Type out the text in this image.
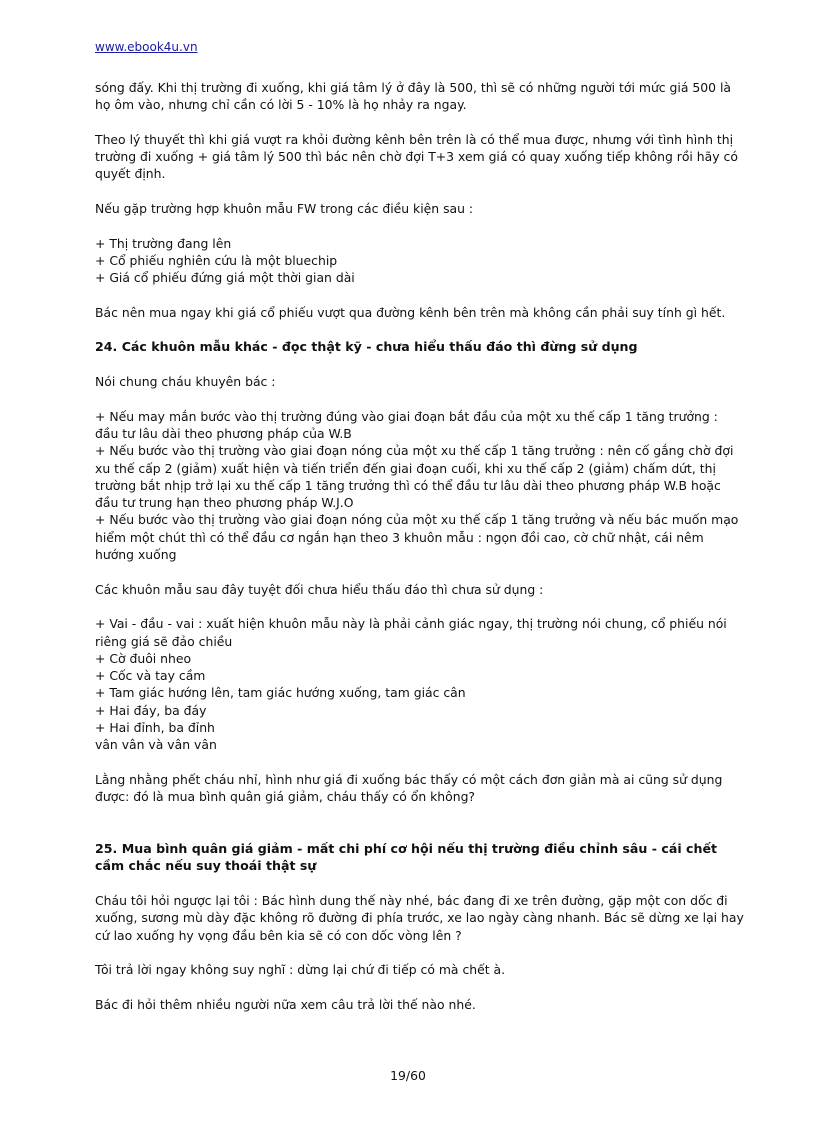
www.ebook4u.vn

sóng đấy. Khi thị trường đi xuống, khi giá tâm lý ở đây là 500, thì sẽ có những người tới mức giá 500 là họ ôm vào, nhưng chỉ cần có lời 5 - 10% là họ nhảy ra ngay.

Theo lý thuyết thì khi giá vượt ra khỏi đường kênh bên trên là có thể mua được, nhưng với tình hình thị trường đi xuống + giá tâm lý 500 thì bác nên chờ đợi T+3 xem giá có quay xuống tiếp không rồi hãy có quyết định.

Nếu gặp trường hợp khuôn mẫu FW trong các điều kiện sau :

+ Thị trường đang lên
+ Cổ phiếu nghiên cứu là một bluechip
+ Giá cổ phiếu đứng giá một thời gian dài

Bác nên mua ngay khi giá cổ phiếu vượt qua đường kênh bên trên mà không cần phải suy tính gì hết.

24. Các khuôn mẫu khác - đọc thật kỹ - chưa hiểu thấu đáo thì đừng sử dụng

Nói chung cháu khuyên bác :

+ Nếu may mắn bước vào thị trường đúng vào giai đoạn bắt đầu của một xu thế cấp 1 tăng trưởng : đầu tư lâu dài theo phương pháp của W.B
+ Nếu bước vào thị trường vào giai đoạn nóng của một xu thế cấp 1 tăng trưởng : nên cố gắng chờ đợi xu thế cấp 2 (giảm) xuất hiện và tiến triển đến giai đoạn cuối, khi xu thế cấp 2 (giảm) chấm dứt, thị trường bắt nhịp trở lại xu thế cấp 1 tăng trưởng thì có thể đầu tư lâu dài theo phương pháp W.B hoặc đầu tư trung hạn theo phương pháp W.J.O
+ Nếu bước vào thị trường vào giai đoạn nóng của một xu thế cấp 1 tăng trưởng và nếu bác muốn mạo hiểm một chút thì có thể đầu cơ ngắn hạn theo 3 khuôn mẫu : ngọn đồi cao, cờ chữ nhật, cái nêm hướng xuống

Các khuôn mẫu sau đây tuyệt đối chưa hiểu thấu đáo thì chưa sử dụng :

+ Vai - đầu - vai : xuất hiện khuôn mẫu này là phải cảnh giác ngay, thị trường nói chung, cổ phiếu nói riêng giá sẽ đảo chiều
+ Cờ đuôi nheo
+ Cốc và tay cầm
+ Tam giác hướng lên, tam giác hướng xuống, tam giác cân
+ Hai đáy, ba đáy
+ Hai đỉnh, ba đỉnh
vân vân và vân vân

Lằng nhằng phết cháu nhỉ, hình như giá đi xuống bác thấy có một cách đơn giản mà ai cũng sử dụng được: đó là mua bình quân giá giảm, cháu thấy có ổn không?

25. Mua bình quân giá giảm - mất chi phí cơ hội nếu thị trường điều chỉnh sâu - cái chết cầm chắc nếu suy thoái thật sự

Cháu tôi hỏi ngược lại tôi : Bác hình dung thế này nhé, bác đang đi xe trên đường, gặp một con dốc đi xuống, sương mù dày đặc không rõ đường đi phía trước, xe lao ngày càng nhanh. Bác sẽ dừng xe lại hay cứ lao xuống hy vọng đầu bên kia sẽ có con dốc vòng lên ?

Tôi trả lời ngay không suy nghĩ : dừng lại chứ đi tiếp có mà chết à.

Bác đi hỏi thêm nhiều người nữa xem câu trả lời thế nào nhé.

19/60
